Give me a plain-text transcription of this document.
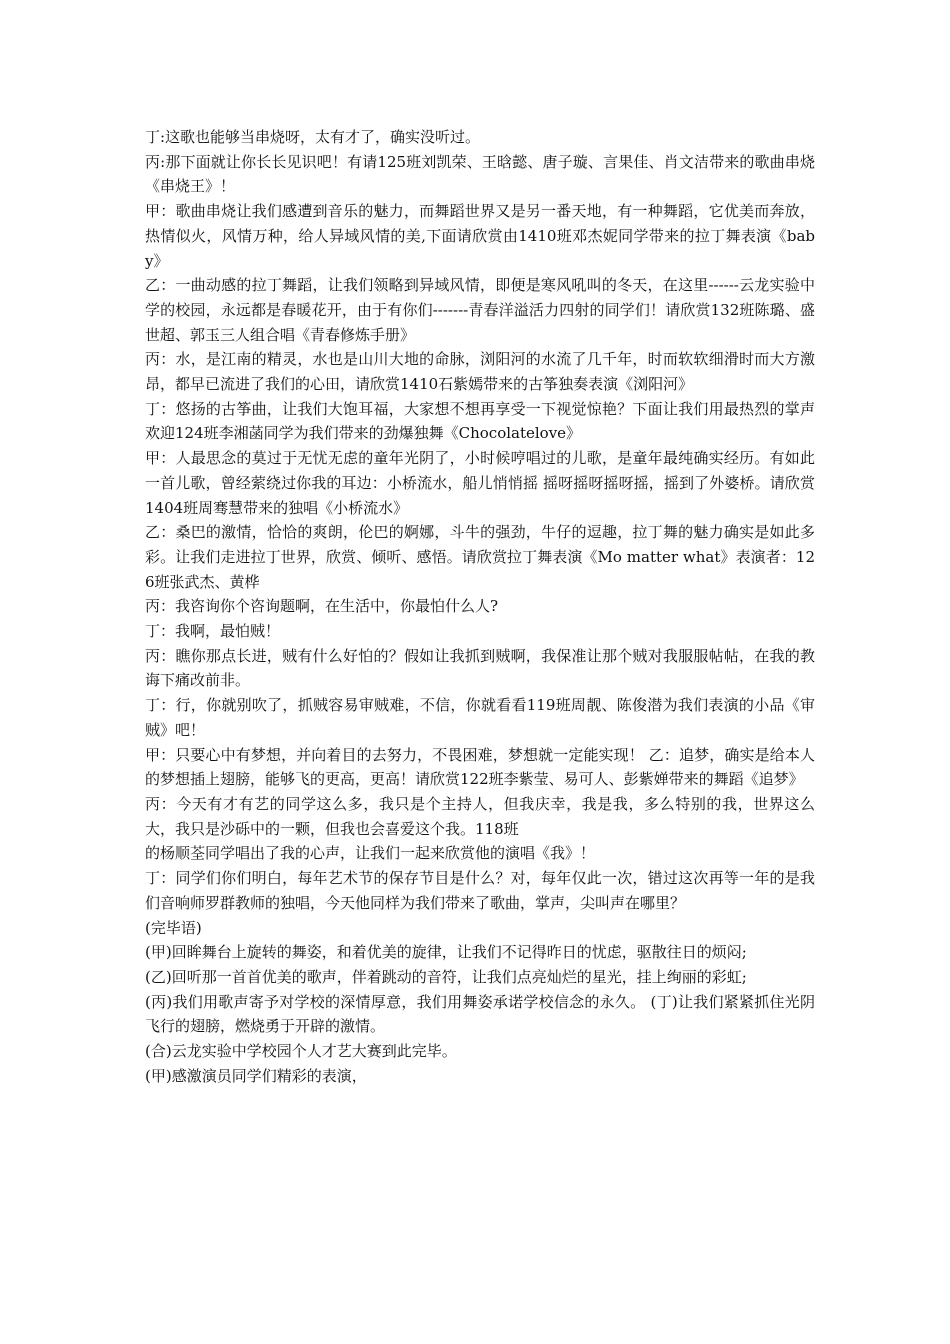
丁:这歌也能够当串烧呀，太有才了，确实没听过。

丙:那下面就让你长长见识吧！有请125班刘凯荣、王晗懿、唐子璇、言果佳、肖文洁带来的歌曲串烧《串烧王》！

甲：歌曲串烧让我们感遭到音乐的魅力，而舞蹈世界又是另一番天地，有一种舞蹈，它优美而奔放，热情似火，风情万种，给人异域风情的美,下面请欣赏由1410班邓杰妮同学带来的拉丁舞表演《baby》

乙：一曲动感的拉丁舞蹈，让我们领略到异域风情，即便是寒风吼叫的冬天，在这里------云龙实验中学的校园，永远都是春暖花开，由于有你们-------青春洋溢活力四射的同学们！请欣赏132班陈璐、盛世超、郭玉三人组合唱《青春修炼手册》

丙：水，是江南的精灵，水也是山川大地的命脉，浏阳河的水流了几千年，时而软软细滑时而大方激昂，都早已流进了我们的心田，请欣赏1410石紫嫣带来的古筝独奏表演《浏阳河》

丁：悠扬的古筝曲，让我们大饱耳福，大家想不想再享受一下视觉惊艳？下面让我们用最热烈的掌声欢迎124班李湘菡同学为我们带来的劲爆独舞《Chocolatelove》

甲：人最思念的莫过于无忧无虑的童年光阴了，小时候哼唱过的儿歌，是童年最纯确实经历。有如此一首儿歌，曾经萦绕过你我的耳边：小桥流水，船儿悄悄摇 摇呀摇呀摇呀摇，摇到了外婆桥。请欣赏1404班周骞慧带来的独唱《小桥流水》

乙：桑巴的激情，恰恰的爽朗，伦巴的婀娜，斗牛的强劲，牛仔的逗趣，拉丁舞的魅力确实是如此多彩。让我们走进拉丁世界，欣赏、倾听、感悟。请欣赏拉丁舞表演《Mo matter what》表演者：126班张武杰、黄桦

丙：我咨询你个咨询题啊，在生活中，你最怕什么人?

丁：我啊，最怕贼！

丙：瞧你那点长进，贼有什么好怕的？假如让我抓到贼啊，我保准让那个贼对我服服帖帖，在我的教诲下痛改前非。

丁：行，你就别吹了，抓贼容易审贼难，不信，你就看看119班周靓、陈俊潜为我们表演的小品《审贼》吧！

甲：只要心中有梦想，并向着目的去努力，不畏困难，梦想就一定能实现！ 乙：追梦，确实是给本人的梦想插上翅膀，能够飞的更高，更高！请欣赏122班李紫莹、易可人、彭紫婵带来的舞蹈《追梦》

丙：今天有才有艺的同学这么多，我只是个主持人，但我庆幸，我是我，多么特别的我，世界这么大，我只是沙砾中的一颗，但我也会喜爱这个我。118班

的杨顺荃同学唱出了我的心声，让我们一起来欣赏他的演唱《我》！

丁：同学们你们明白，每年艺术节的保存节目是什么？对，每年仅此一次，错过这次再等一年的是我们音响师罗群教师的独唱，今天他同样为我们带来了歌曲，掌声，尖叫声在哪里？

(完毕语)

(甲)回眸舞台上旋转的舞姿，和着优美的旋律，让我们不记得昨日的忧虑，驱散往日的烦闷;

(乙)回听那一首首优美的歌声，伴着跳动的音符，让我们点亮灿烂的星光，挂上绚丽的彩虹;

(丙)我们用歌声寄予对学校的深情厚意，我们用舞姿承诺学校信念的永久。 (丁)让我们紧紧抓住光阴飞行的翅膀，燃烧勇于开辟的激情。

(合)云龙实验中学校园个人才艺大赛到此完毕。

(甲)感激演员同学们精彩的表演，
